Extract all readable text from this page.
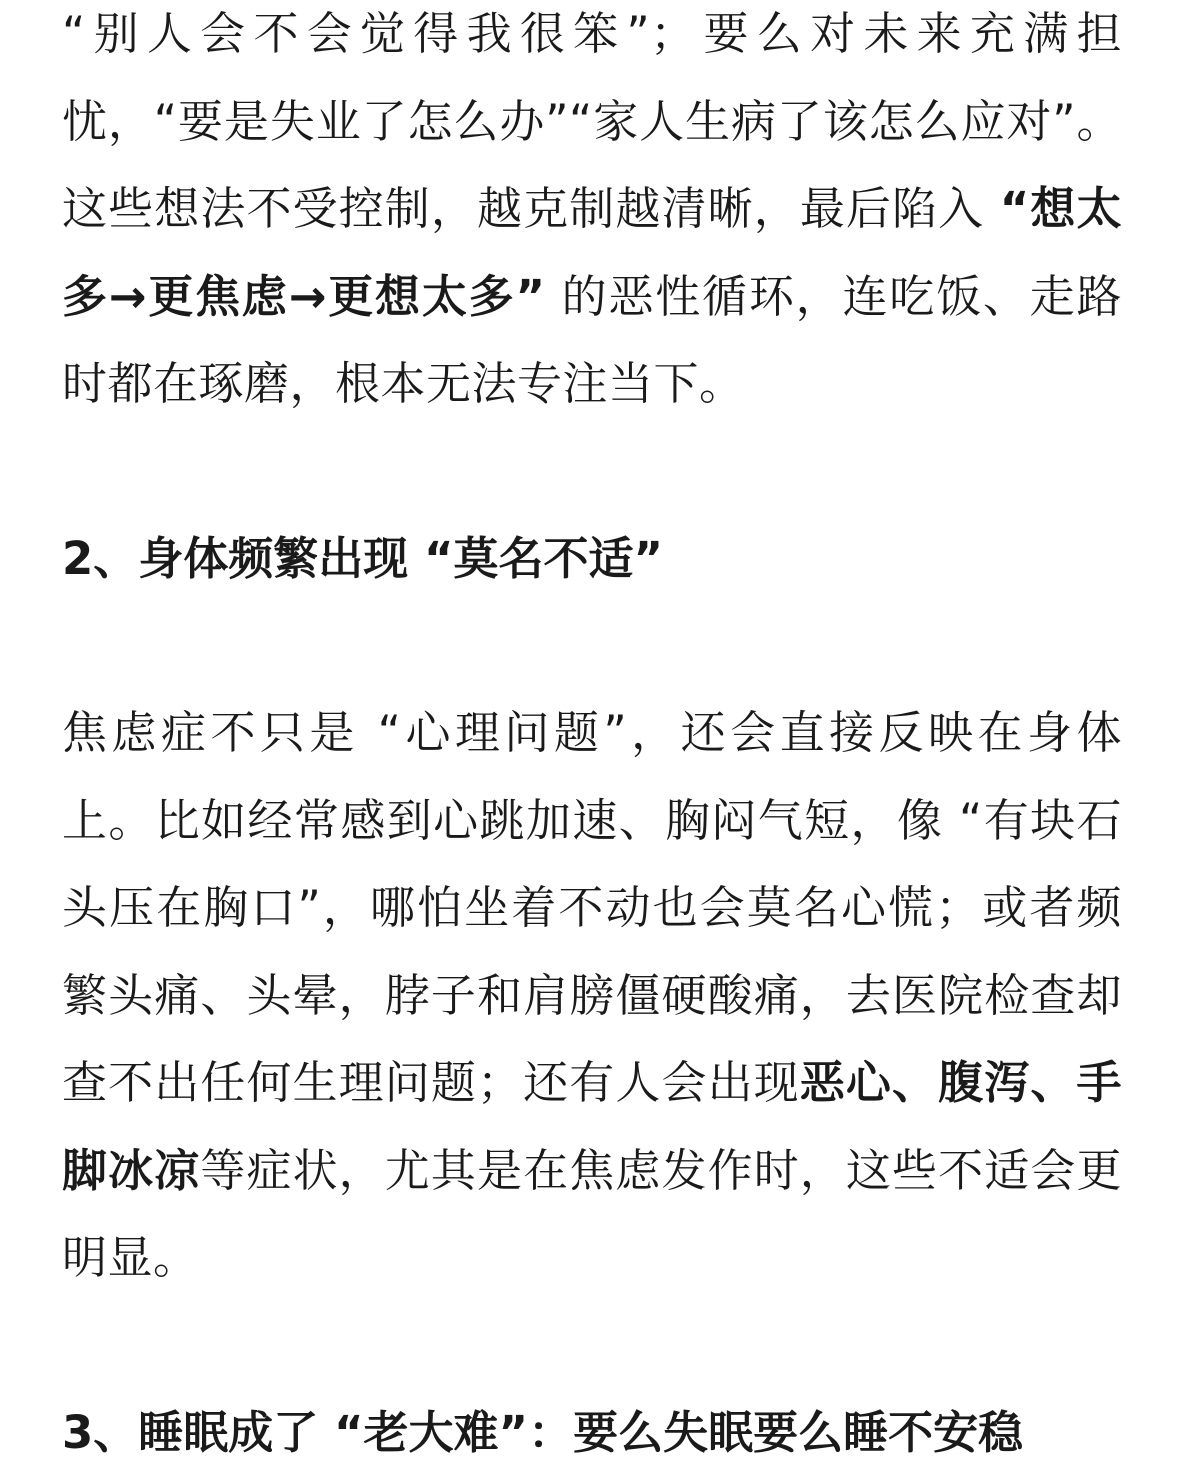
“别人会不会觉得我很笨”；要么对未来充满担忧，“要是失业了怎么办”“家人生病了该怎么应对”。这些想法不受控制，越克制越清晰，最后陷入 “想太多→更焦虑→更想太多” 的恶性循环，连吃饭、走路时都在琢磨，根本无法专注当下。

2、身体频繁出现 “莫名不适”

焦虑症不只是 “心理问题”，还会直接反映在身体上。比如经常感到心跳加速、胸闷气短，像 “有块石头压在胸口”，哪怕坐着不动也会莫名心慌；或者频繁头痛、头晕，脖子和肩膀僵硬酸痛，去医院检查却查不出任何生理问题；还有人会出现恶心、腹泻、手脚冰凉等症状，尤其是在焦虑发作时，这些不适会更明显。

3、睡眠成了 “老大难”：要么失眠要么睡不安稳
